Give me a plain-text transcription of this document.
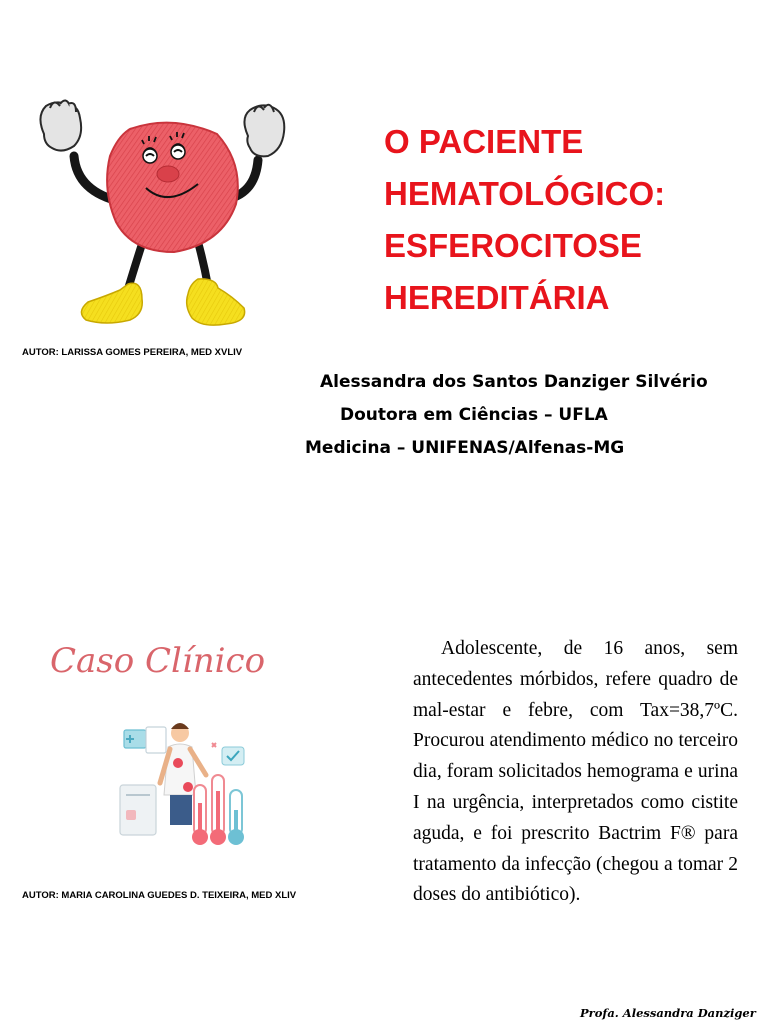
AUTOR: LARISSA GOMES PEREIRA, MED XVLIV
O PACIENTE
HEMATOLÓGICO:
ESFEROCITOSE
HEREDITÁRIA
Alessandra dos Santos Danziger Silvério
Doutora em Ciências – UFLA
Medicina – UNIFENAS/Alfenas-MG
Caso Clínico
AUTOR: MARIA CAROLINA GUEDES D. TEIXEIRA, MED XLIV
Adolescente, de 16 anos, sem antecedentes mórbidos, refere quadro de mal-estar e febre, com Tax=38,7ºC. Procurou atendimento médico no terceiro dia, foram solicitados hemograma e urina I na urgência, interpretados como cistite aguda, e foi prescrito Bactrim F® para tratamento da infecção (chegou a tomar 2 doses do antibiótico).
Profa. Alessandra Danziger
